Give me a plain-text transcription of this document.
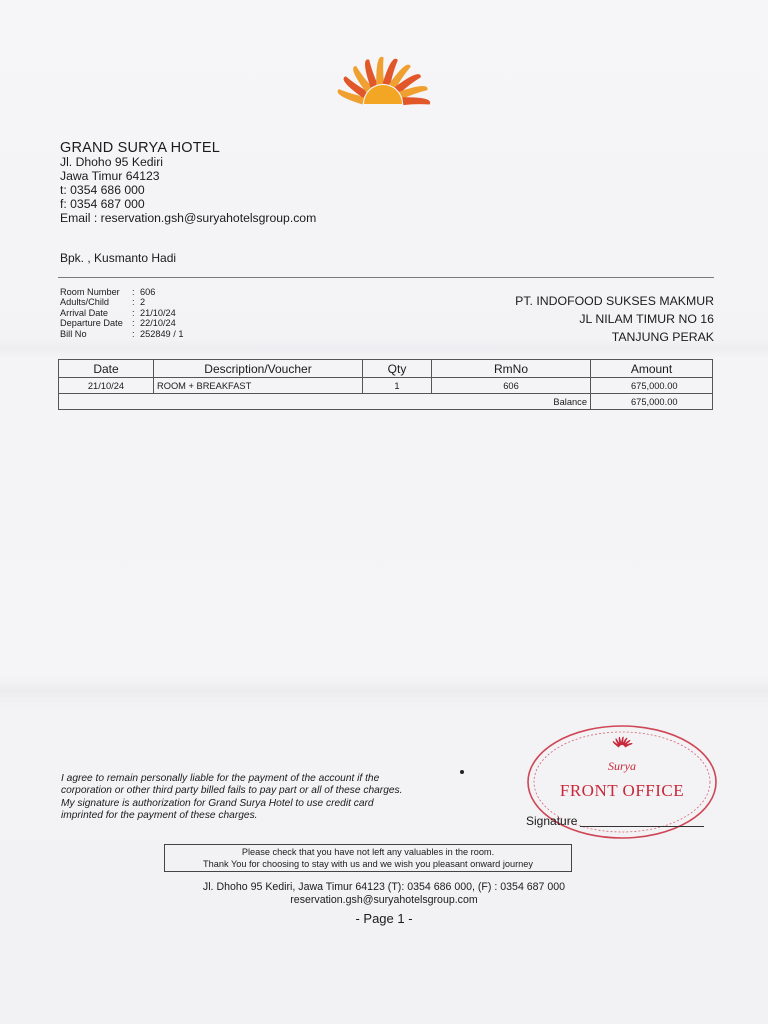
GRAND SURYA HOTEL
Jl. Dhoho 95 Kediri
Jawa Timur 64123
t: 0354 686 000
f: 0354 687 000
Email : reservation.gsh@suryahotelsgroup.com
Bpk. , Kusmanto Hadi
Room Number	: 606
Adults/Child	: 2
Arrival Date	: 21/10/24
Departure Date : 22/10/24
Bill No	: 252849 / 1
PT. INDOFOOD SUKSES MAKMUR
JL NILAM TIMUR NO 16
TANJUNG PERAK
Date	Description/Voucher	Qty	RmNo	Amount
21/10/24	ROOM + BREAKFAST	1	606	675,000.00
Balance				675,000.00
I agree to remain personally liable for the payment of the account if the
corporation or other third party billed fails to pay part or all of these charges.
My signature is authorization for Grand Surya Hotel to use credit card
imprinted for the payment of these charges.
Surya
FRONT OFFICE
Signature
Please check that you have not left any valuables in the room.
Thank You for choosing to stay with us and we wish you pleasant onward journey
Jl. Dhoho 95 Kediri, Jawa Timur 64123 (T): 0354 686 000, (F) : 0354 687 000
reservation.gsh@suryahotelsgroup.com
- Page 1 -
